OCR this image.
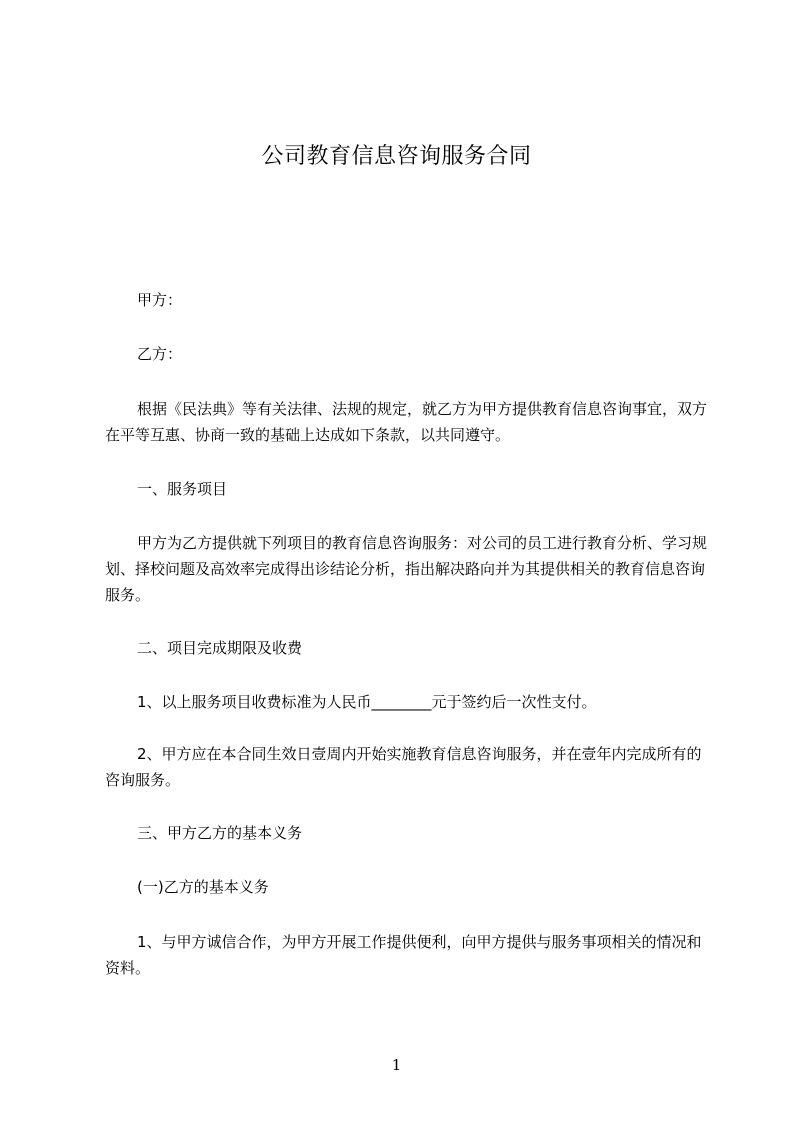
公司教育信息咨询服务合同

甲方：

乙方：

根据《民法典》等有关法律、法规的规定，就乙方为甲方提供教育信息咨询事宜，双方在平等互惠、协商一致的基础上达成如下条款，以共同遵守。

一、服务项目

甲方为乙方提供就下列项目的教育信息咨询服务：对公司的员工进行教育分析、学习规划、择校问题及高效率完成得出诊结论分析，指出解决路向并为其提供相关的教育信息咨询服务。

二、项目完成期限及收费

1、以上服务项目收费标准为人民币________元于签约后一次性支付。

2、甲方应在本合同生效日壹周内开始实施教育信息咨询服务，并在壹年内完成所有的咨询服务。

三、甲方乙方的基本义务

(一)乙方的基本义务

1、与甲方诚信合作，为甲方开展工作提供便利，向甲方提供与服务事项相关的情况和资料。

1
